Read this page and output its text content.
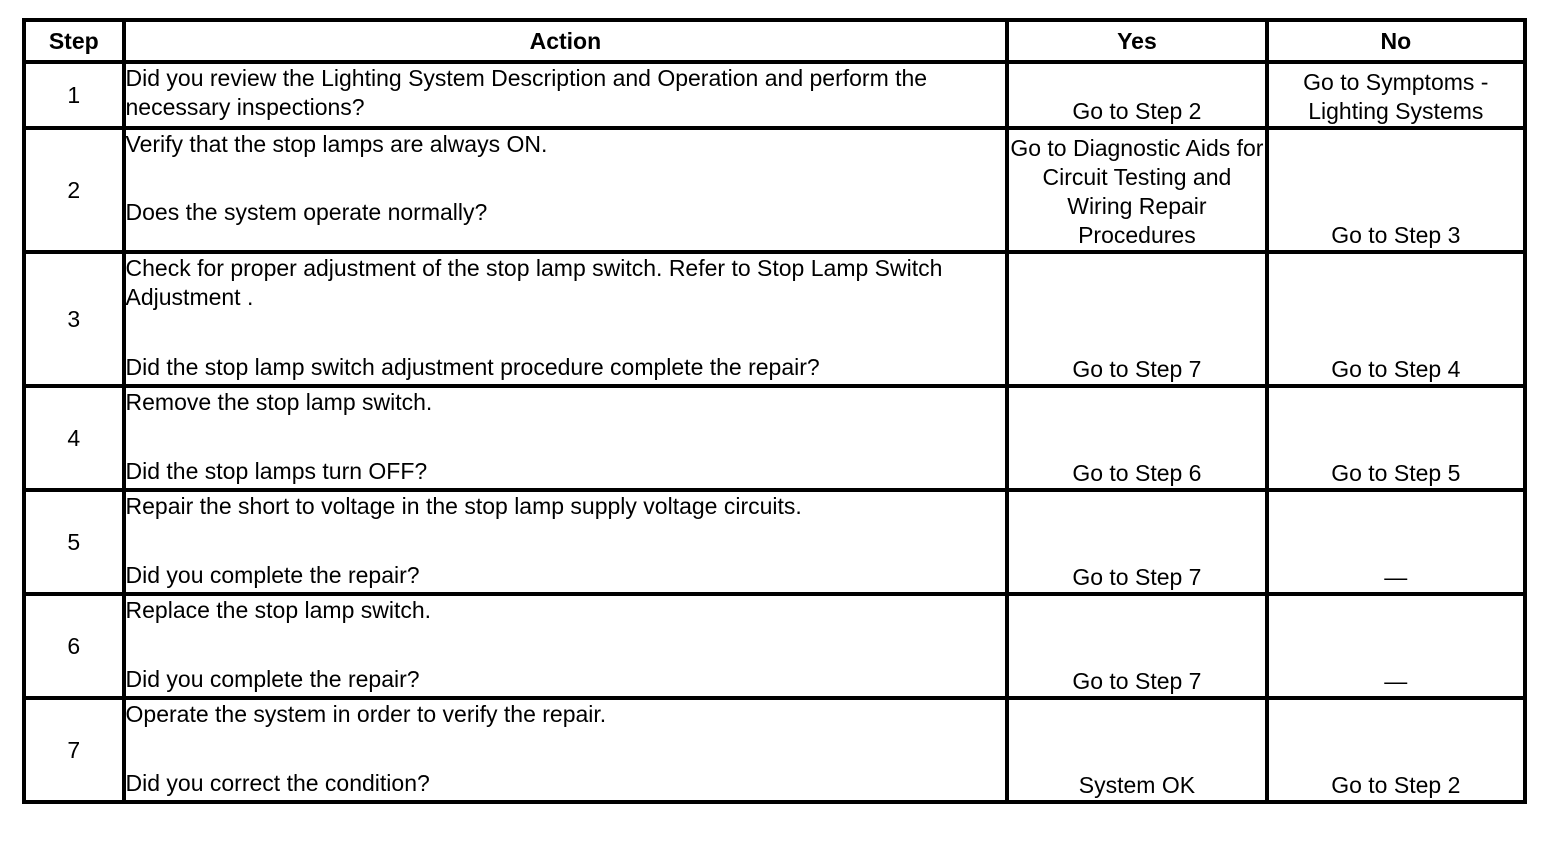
Step	Action	Yes	No
1	Did you review the Lighting System Description and Operation and perform the necessary inspections?	Go to Step 2	Go to Symptoms - Lighting Systems
2	Verify that the stop lamps are always ON.

Does the system operate normally?	Go to Diagnostic Aids for Circuit Testing and Wiring Repair Procedures	Go to Step 3
3	Check for proper adjustment of the stop lamp switch. Refer to Stop Lamp Switch Adjustment .

Did the stop lamp switch adjustment procedure complete the repair?	Go to Step 7	Go to Step 4
4	Remove the stop lamp switch.

Did the stop lamps turn OFF?	Go to Step 6	Go to Step 5
5	Repair the short to voltage in the stop lamp supply voltage circuits.

Did you complete the repair?	Go to Step 7	—
6	Replace the stop lamp switch.

Did you complete the repair?	Go to Step 7	—
7	Operate the system in order to verify the repair.

Did you correct the condition?	System OK	Go to Step 2
